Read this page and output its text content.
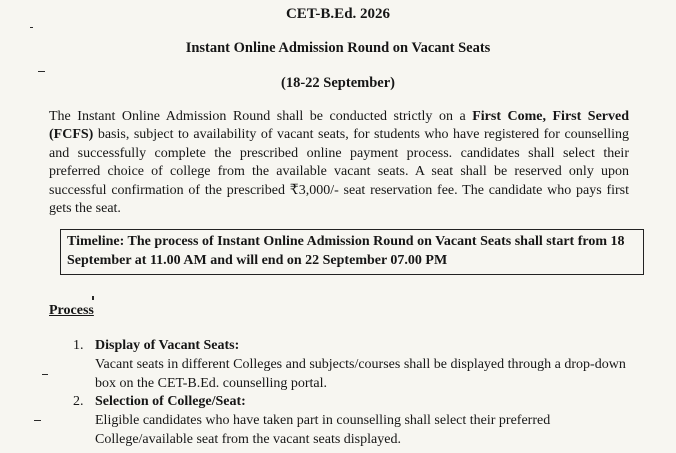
CET-B.Ed. 2026
Instant Online Admission Round on Vacant Seats
(18-22 September)
The Instant Online Admission Round shall be conducted strictly on a First Come, First Served (FCFS) basis, subject to availability of vacant seats, for students who have registered for counselling and successfully complete the prescribed online payment process. candidates shall select their preferred choice of college from the available vacant seats. A seat shall be reserved only upon successful confirmation of the prescribed ₹3,000/- seat reservation fee. The candidate who pays first gets the seat.
Timeline: The process of Instant Online Admission Round on Vacant Seats shall start from 18 September at 11.00 AM and will end on 22 September 07.00 PM
Process
1. Display of Vacant Seats:
Vacant seats in different Colleges and subjects/courses shall be displayed through a drop-down box on the CET-B.Ed. counselling portal.
2. Selection of College/Seat:
Eligible candidates who have taken part in counselling shall select their preferred College/available seat from the vacant seats displayed.
